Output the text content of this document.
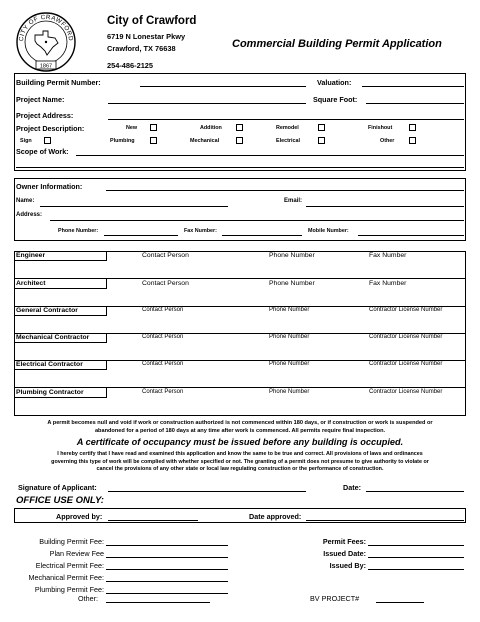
CITY OF CRAWFORD
1867
City of Crawford
6719 N Lonestar Pkwy
Crawford, TX 76638
254-486-2125
Commercial Building Permit Application
Building Permit Number:	Valuation:
Project Name:	Square Foot:
Project Address:
Project Description:	New	Addition	Remodel	Finishout
Sign	Plumbing	Mechanical	Electrical	Other
Scope of Work:
Owner Information:
Name:	Email:
Address:
Phone Number:	Fax Number:	Mobile Number:
Engineer	Contact Person	Phone Number	Fax Number
Architect	Contact Person	Phone Number	Fax Number
General Contractor	Contact Person	Phone Number	Contractor License Number
Mechanical Contractor	Contact Person	Phone Number	Contractor License Number
Electrical Contractor	Contact Person	Phone Number	Contractor License Number
Plumbing Contractor	Contact Person	Phone Number	Contractor License Number
A permit becomes null and void if work or construction authorized is not commenced within 180 days, or if construction or work is suspended or
abandoned for a period of 180 days at any time after work is commenced. All permits require final inspection.
A certificate of occupancy must be issued before any building is occupied.
I hereby certify that I have read and examined this application and know the same to be true and correct. All provisions of laws and ordinances
governing this type of work will be complied with whether specified or not. The granting of a permit does not presume to give authority to violate or
cancel the provisions of any other state or local law regulating construction or the performance of construction.
Signature of Applicant:	Date:
OFFICE USE ONLY:
Approved by:	Date approved:
Building Permit Fee:
Plan Review Fee
Electrical Permit Fee:
Mechanical Permit Fee:
Plumbing Permit Fee:
Other:
Permit Fees:
Issued Date:
Issued By:
BV PROJECT#
